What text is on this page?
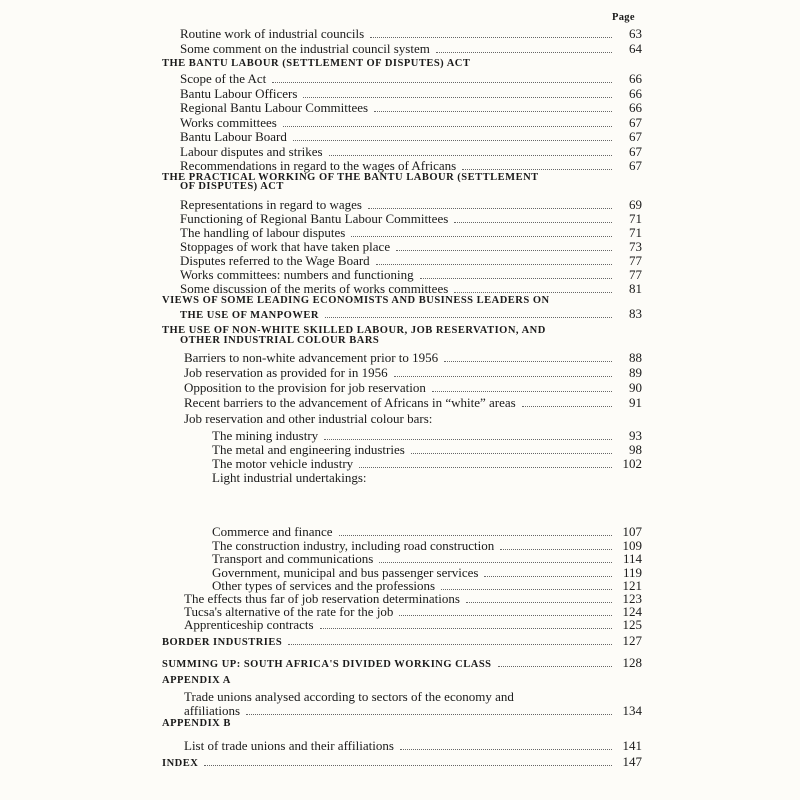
Page
Routine work of industrial councils	63
Some comment on the industrial council system	64
THE BANTU LABOUR (SETTLEMENT OF DISPUTES) ACT
Scope of the Act	66
Bantu Labour Officers	66
Regional Bantu Labour Committees	66
Works committees	67
Bantu Labour Board	67
Labour disputes and strikes	67
Recommendations in regard to the wages of Africans	67
THE PRACTICAL WORKING OF THE BANTU LABOUR (SETTLEMENT
OF DISPUTES) ACT
Representations in regard to wages	69
Functioning of Regional Bantu Labour Committees	71
The handling of labour disputes	71
Stoppages of work that have taken place	73
Disputes referred to the Wage Board	77
Works committees: numbers and functioning	77
Some discussion of the merits of works committees	81
VIEWS OF SOME LEADING ECONOMISTS AND BUSINESS LEADERS ON
THE USE OF MANPOWER	83
THE USE OF NON-WHITE SKILLED LABOUR, JOB RESERVATION, AND
OTHER INDUSTRIAL COLOUR BARS
Barriers to non-white advancement prior to 1956	88
Job reservation as provided for in 1956	89
Opposition to the provision for job reservation	90
Recent barriers to the advancement of Africans in “white” areas	91
Job reservation and other industrial colour bars:
The mining industry	93
The metal and engineering industries	98
The motor vehicle industry	102
Light industrial undertakings:
Commerce and finance	107
The construction industry, including road construction	109
Transport and communications	114
Government, municipal and bus passenger services	119
Other types of services and the professions	121
The effects thus far of job reservation determinations	123
Tucsa's alternative of the rate for the job	124
Apprenticeship contracts	125
BORDER INDUSTRIES	127
SUMMING UP: SOUTH AFRICA'S DIVIDED WORKING CLASS	128
APPENDIX A
Trade unions analysed according to sectors of the economy and
affiliations	134
APPENDIX B
List of trade unions and their affiliations	141
INDEX	147
